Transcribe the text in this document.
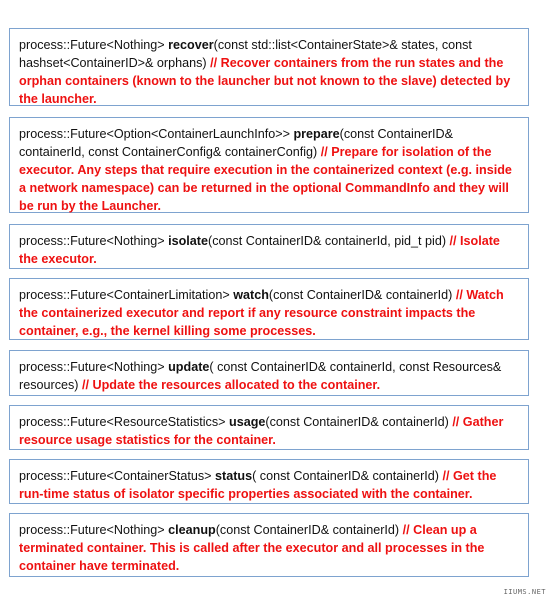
process::Future<Nothing> recover(const std::list<ContainerState>& states, const hashset<ContainerID>& orphans) // Recover containers from the run states and the orphan containers (known to the launcher but not known to the slave) detected by the launcher.
process::Future<Option<ContainerLaunchInfo>> prepare(const ContainerID& containerId, const ContainerConfig& containerConfig) // Prepare for isolation of the executor. Any steps that require execution in the containerized context (e.g. inside a network namespace) can be returned in the optional CommandInfo and they will be run by the Launcher.
process::Future<Nothing> isolate(const ContainerID& containerId, pid_t pid) // Isolate the executor.
process::Future<ContainerLimitation> watch(const ContainerID& containerId) // Watch the containerized executor and report if any resource constraint impacts the container, e.g., the kernel killing some processes.
process::Future<Nothing> update( const ContainerID& containerId, const Resources& resources) // Update the resources allocated to the container.
process::Future<ResourceStatistics> usage(const ContainerID& containerId) // Gather resource usage statistics for the container.
process::Future<ContainerStatus> status( const ContainerID& containerId) // Get the run-time status of isolator specific properties associated with the container.
process::Future<Nothing> cleanup(const ContainerID& containerId) // Clean up a terminated container. This is called after the executor and all processes in the container have terminated.
IIUMS.NET
